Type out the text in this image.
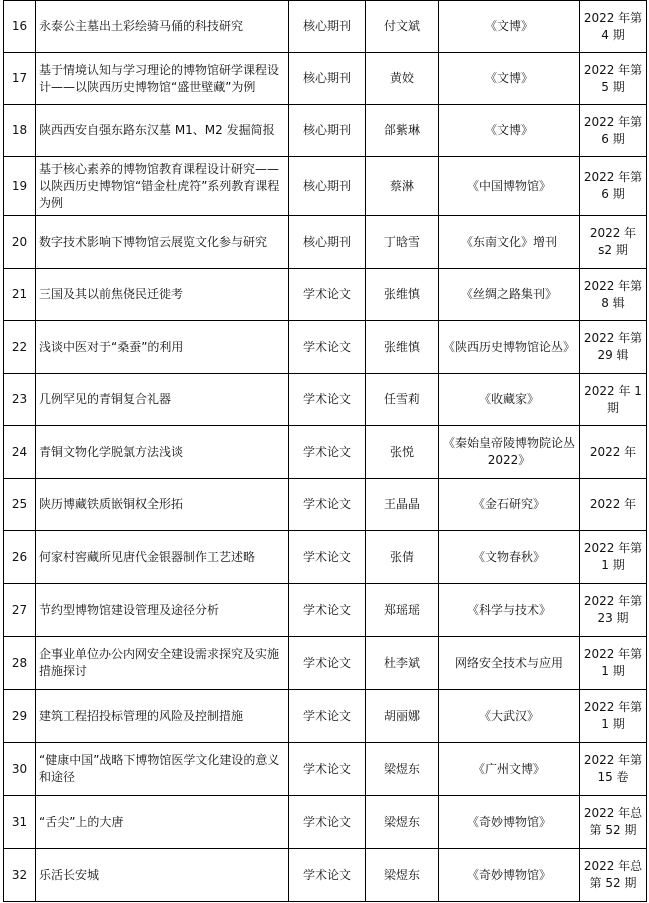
16	永泰公主墓出土彩绘骑马俑的科技研究	核心期刊	付文斌	《文博》	2022 年第 4 期
17	基于情境认知与学习理论的博物馆研学课程设计——以陕西历史博物馆“盛世壁藏”为例	核心期刊	黄姣	《文博》	2022 年第 5 期
18	陕西西安自强东路东汉墓 M1、M2 发掘简报	核心期刊	郃紫琳	《文博》	2022 年第 6 期
19	基于核心素养的博物馆教育课程设计研究——以陕西历史博物馆“错金杜虎符”系列教育课程为例	核心期刊	蔡淋	《中国博物馆》	2022 年第 6 期
20	数字技术影响下博物馆云展览文化参与研究	核心期刊	丁晗雪	《东南文化》增刊	2022 年 s2 期
21	三国及其以前焦侥民迁徙考	学术论文	张维慎	《丝绸之路集刊》	2022 年第 8 辑
22	浅谈中医对于“桑蚕”的利用	学术论文	张维慎	《陕西历史博物馆论丛》	2022 年第 29 辑
23	几例罕见的青铜复合礼器	学术论文	任雪莉	《收藏家》	2022 年 1 期
24	青铜文物化学脱氯方法浅谈	学术论文	张悦	《秦始皇帝陵博物院论丛 2022》	2022 年
25	陕历博藏铁质嵌铜权全形拓	学术论文	王晶晶	《金石研究》	2022 年
26	何家村窖藏所见唐代金银器制作工艺述略	学术论文	张倩	《文物春秋》	2022 年第 1 期
27	节约型博物馆建设管理及途径分析	学术论文	郑瑶瑶	《科学与技术》	2022 年第 23 期
28	企事业单位办公内网安全建设需求探究及实施措施探讨	学术论文	杜李斌	网络安全技术与应用	2022 年第 1 期
29	建筑工程招投标管理的风险及控制措施	学术论文	胡丽娜	《大武汉》	2022 年第 1 期
30	“健康中国”战略下博物馆医学文化建设的意义和途径	学术论文	梁煜东	《广州文博》	2022 年第 15 卷
31	“舌尖”上的大唐	学术论文	梁煜东	《奇妙博物馆》	2022 年总第 52 期
32	乐活长安城	学术论文	梁煜东	《奇妙博物馆》	2022 年总第 52 期
